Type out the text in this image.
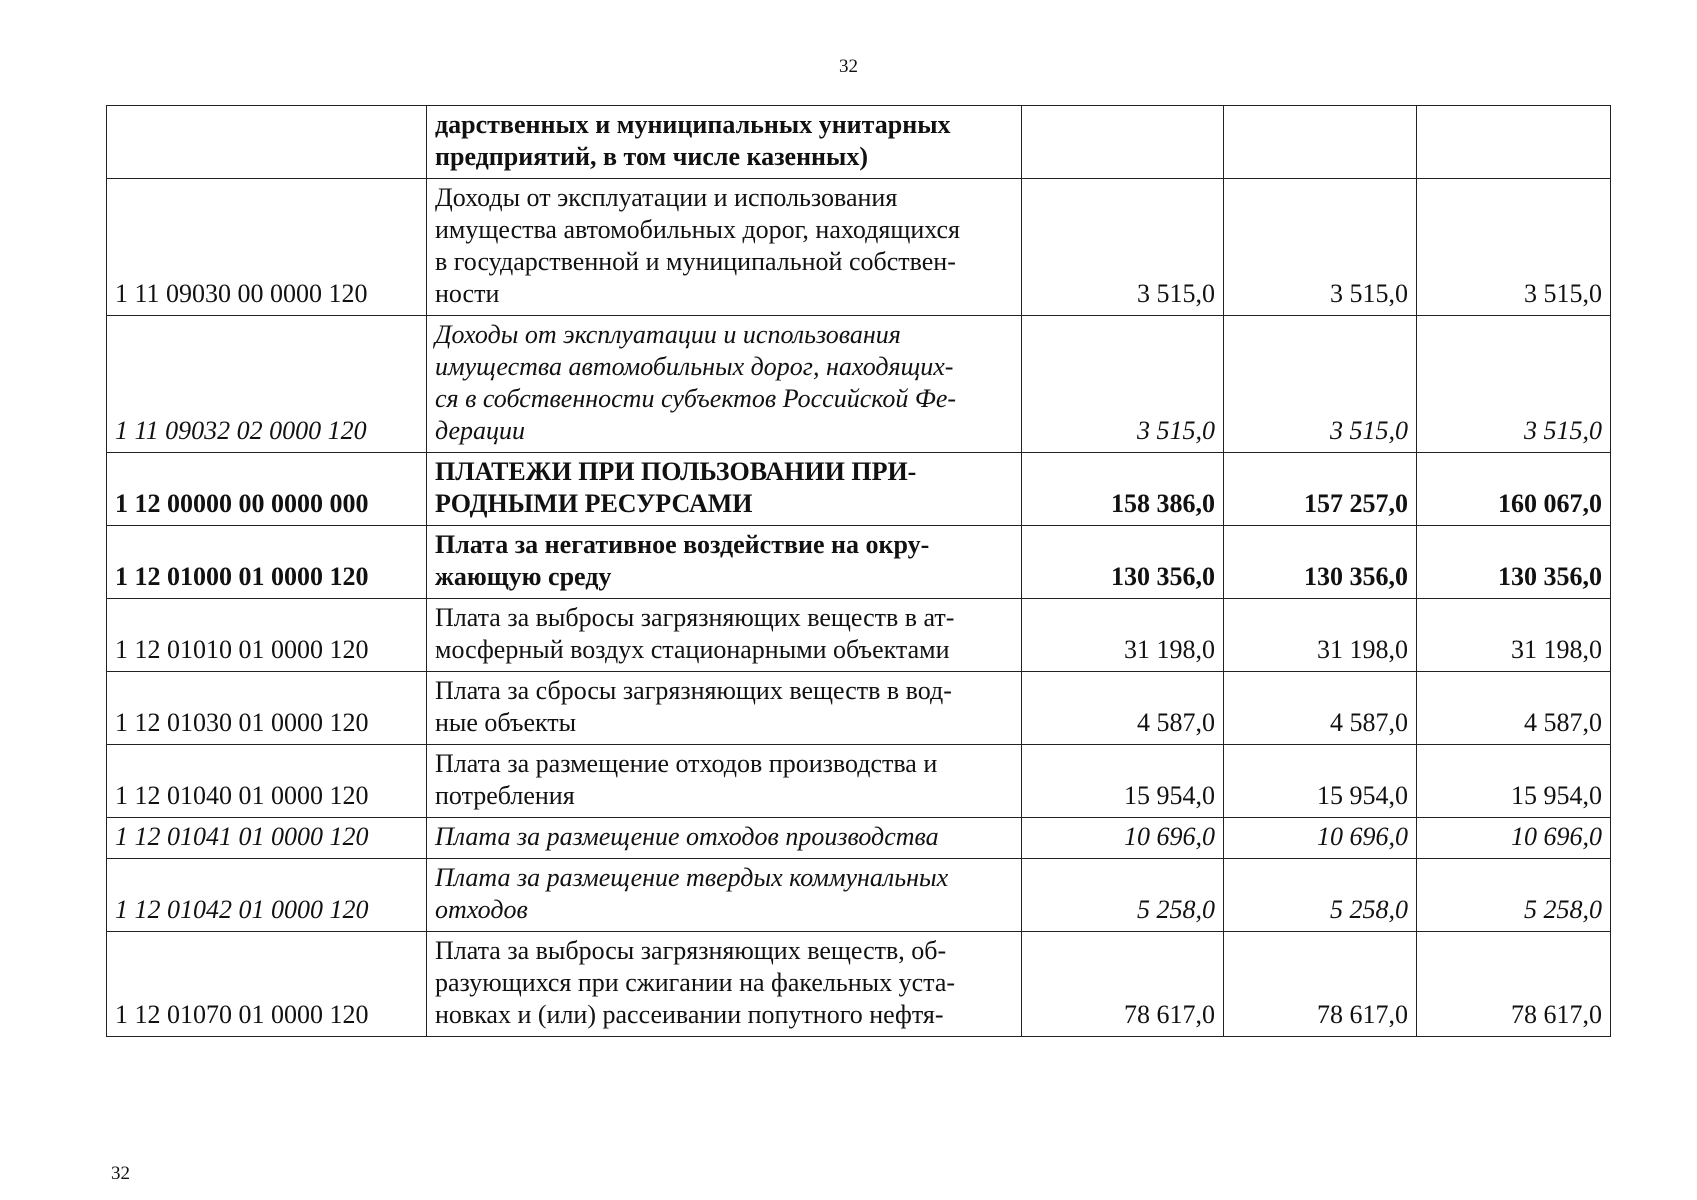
32

	дарственных и муниципальных унитарных
предприятий, в том числе казенных)			

1 11 09030 00 0000 120	Доходы от эксплуатации и использования
имущества автомобильных дорог, находящихся
в государственной и муниципальной собствен-
ности	3 515,0	3 515,0	3 515,0
1 11 09032 02 0000 120	Доходы от эксплуатации и использования
имущества автомобильных дорог, находящих-
ся в собственности субъектов Российской Фе-
дерации	3 515,0	3 515,0	3 515,0
1 12 00000 00 0000 000	ПЛАТЕЖИ ПРИ ПОЛЬЗОВАНИИ ПРИ-
РОДНЫМИ РЕСУРСАМИ	158 386,0	157 257,0	160 067,0
1 12 01000 01 0000 120	Плата за негативное воздействие на окру-
жающую среду	130 356,0	130 356,0	130 356,0
1 12 01010 01 0000 120	Плата за выбросы загрязняющих веществ в ат-
мосферный воздух стационарными объектами	31 198,0	31 198,0	31 198,0
1 12 01030 01 0000 120	Плата за сбросы загрязняющих веществ в вод-
ные объекты	4 587,0	4 587,0	4 587,0
1 12 01040 01 0000 120	Плата за размещение отходов производства и
потребления	15 954,0	15 954,0	15 954,0
1 12 01041 01 0000 120	Плата за размещение отходов производства	10 696,0	10 696,0	10 696,0
1 12 01042 01 0000 120	Плата за размещение твердых коммунальных
отходов	5 258,0	5 258,0	5 258,0
1 12 01070 01 0000 120	Плата за выбросы загрязняющих веществ, об-
разующихся при сжигании на факельных уста-
новках и (или) рассеивании попутного нефтя-	78 617,0	78 617,0	78 617,0
32
